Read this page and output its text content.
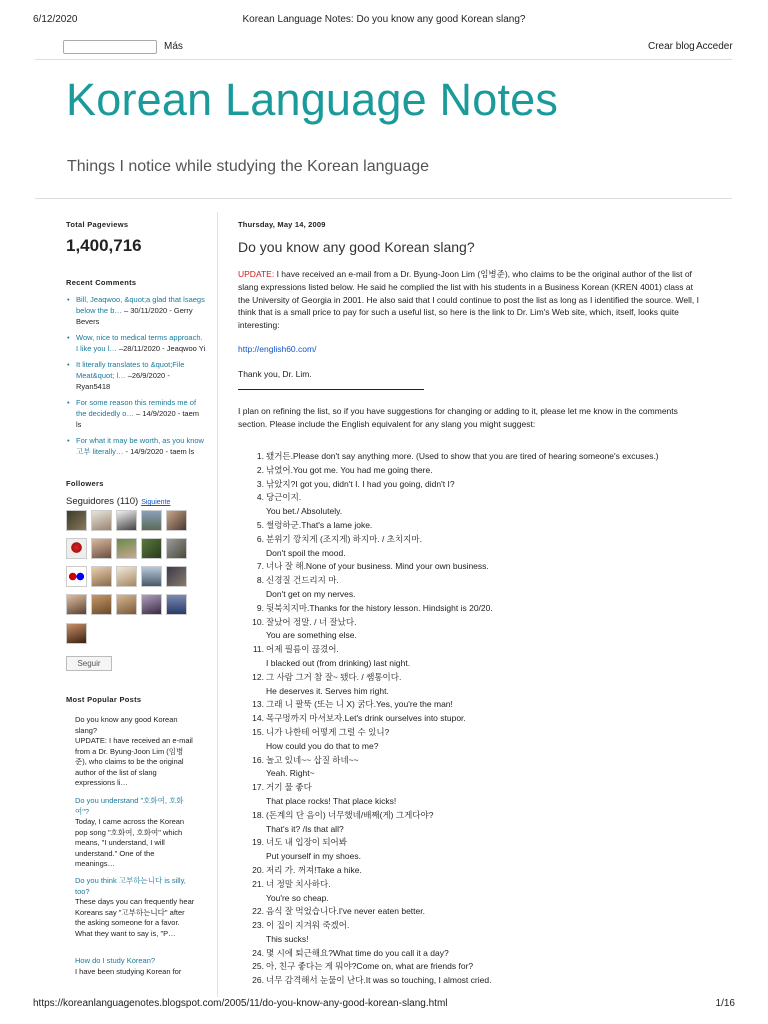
6/12/2020	Korean Language Notes: Do you know any good Korean slang?
Más	Crear blog Acceder
Korean Language Notes
Things I notice while studying the Korean language
Total Pageviews
1,400,716
Recent Comments
• Bill, Jeaqwoo, &quot;a glad that lsaegs below the b… – 30/11/2020 - Gerry Bevers
• Wow, nice to medical terms approach. I like you l… –28/11/2020 - Jeaqwoo Yi
• It literally translates to &quot;File Meat&quot; l… –26/9/2020 - Ryan5418
• For some reason this reminds me of the decidedly o… – 14/9/2020 - taem ls
• For what it may be worth, as you know 고부 literally… - 14/9/2020 - taem ls
Followers
Seguidores (110) Siguiente
Seguir
Most Popular Posts
Do you know any good Korean slang?
UPDATE: I have received an e-mail from a Dr. Byung-Joon Lim (임병준), who claims to be the original author of the list of slang expressions li…
Do you understand "호화여, 호화여"?
Today, I came across the Korean pop song "호화여, 호화여" which means, "I understand, I will understand." One of the meanings…
Do you think 고부하는니다 is silly, too?
These days you can frequently hear Koreans say "고부하는니다" after the asking someone for a favor. What they want to say is, "P…
How do I study Korean?
I have been studying Korean for
Thursday, May 14, 2009
Do you know any good Korean slang?
UPDATE: I have received an e-mail from a Dr. Byung-Joon Lim (임병준), who claims to be the original author of the list of slang expressions listed below. He said he complied the list with his students in a Business Korean (KREN 4001) class at the University of Georgia in 2001. He also said that I could continue to post the list as long as I identified the source. Well, I think that is a small price to pay for such a useful list, so here is the link to Dr. Lim's Web site, which, itself, looks quite interesting:
http://english60.com/
Thank you, Dr. Lim.
I plan on refining the list, so if you have suggestions for changing or adding to it, please let me know in the comments section. Please include the English equivalent for any slang you might suggest:
1. 됐거든.Please don't say anything more. (Used to show that you are tired of hearing someone's excuses.)
2. 낚였어.You got me. You had me going there.
3. 낚았지?I got you, didn't I. I had you going, didn't I?
4. 당근이지.
You bet./ Absolutely.
5. 썰렁하군.That's a lame joke.
6. 분위기 깡치게 (조지게) 하지마. / 초치지마.
Don't spoil the mood.
7. 너나 잘 해.None of your business. Mind your own business.
8. 신경질 건드리지 마.
Don't get on my nerves.
9. 뒷북치지마.Thanks for the history lesson. Hindsight is 20/20.
10. 잘났어 정말. / 너 잘났다.
You are something else.
11. 어제 필름이 끊겼어.
I blacked out (from drinking) last night.
12. 그 사람 그거 참 잘~ 됐다. / 쌤통이다.
He deserves it. Serves him right.
13. 그래 니 팔뚝 (또는 니 X) 굵다.Yes, you're the man!
14. 목구멍까지 마셔보자.Let's drink ourselves into stupor.
15. 니가 나한테 어떻게 그럴 수 있니?
How could you do that to me?
16. 놀고 있네~~ 삽질 하네~~
Yeah. Right~
17. 거기 물 좋다
That place rocks! That place kicks!
18. (돈계의 단 음이) 너무했네/배째(게) 그게다야?
That's it? /Is that all?
19. 너도 내 입장이 되어봐
Put yourself in my shoes.
20. 저리 가. 꺼져!Take a hike.
21. 너 정말 치사하다.
You're so cheap.
22. 음식 잘 먹었습니다.I've never eaten better.
23. 이 집이 지겨워 죽겠어.
This sucks!
24. 몇 시에 퇴근해요?What time do you call it a day?
25. 아, 친구 좋다는 게 뭐야?Come on, what are friends for?
26. 너무 감격해서 눈물이 난다.It was so touching, I almost cried.
https://koreanlanguagenotes.blogspot.com/2005/11/do-you-know-any-good-korean-slang.html	1/16
